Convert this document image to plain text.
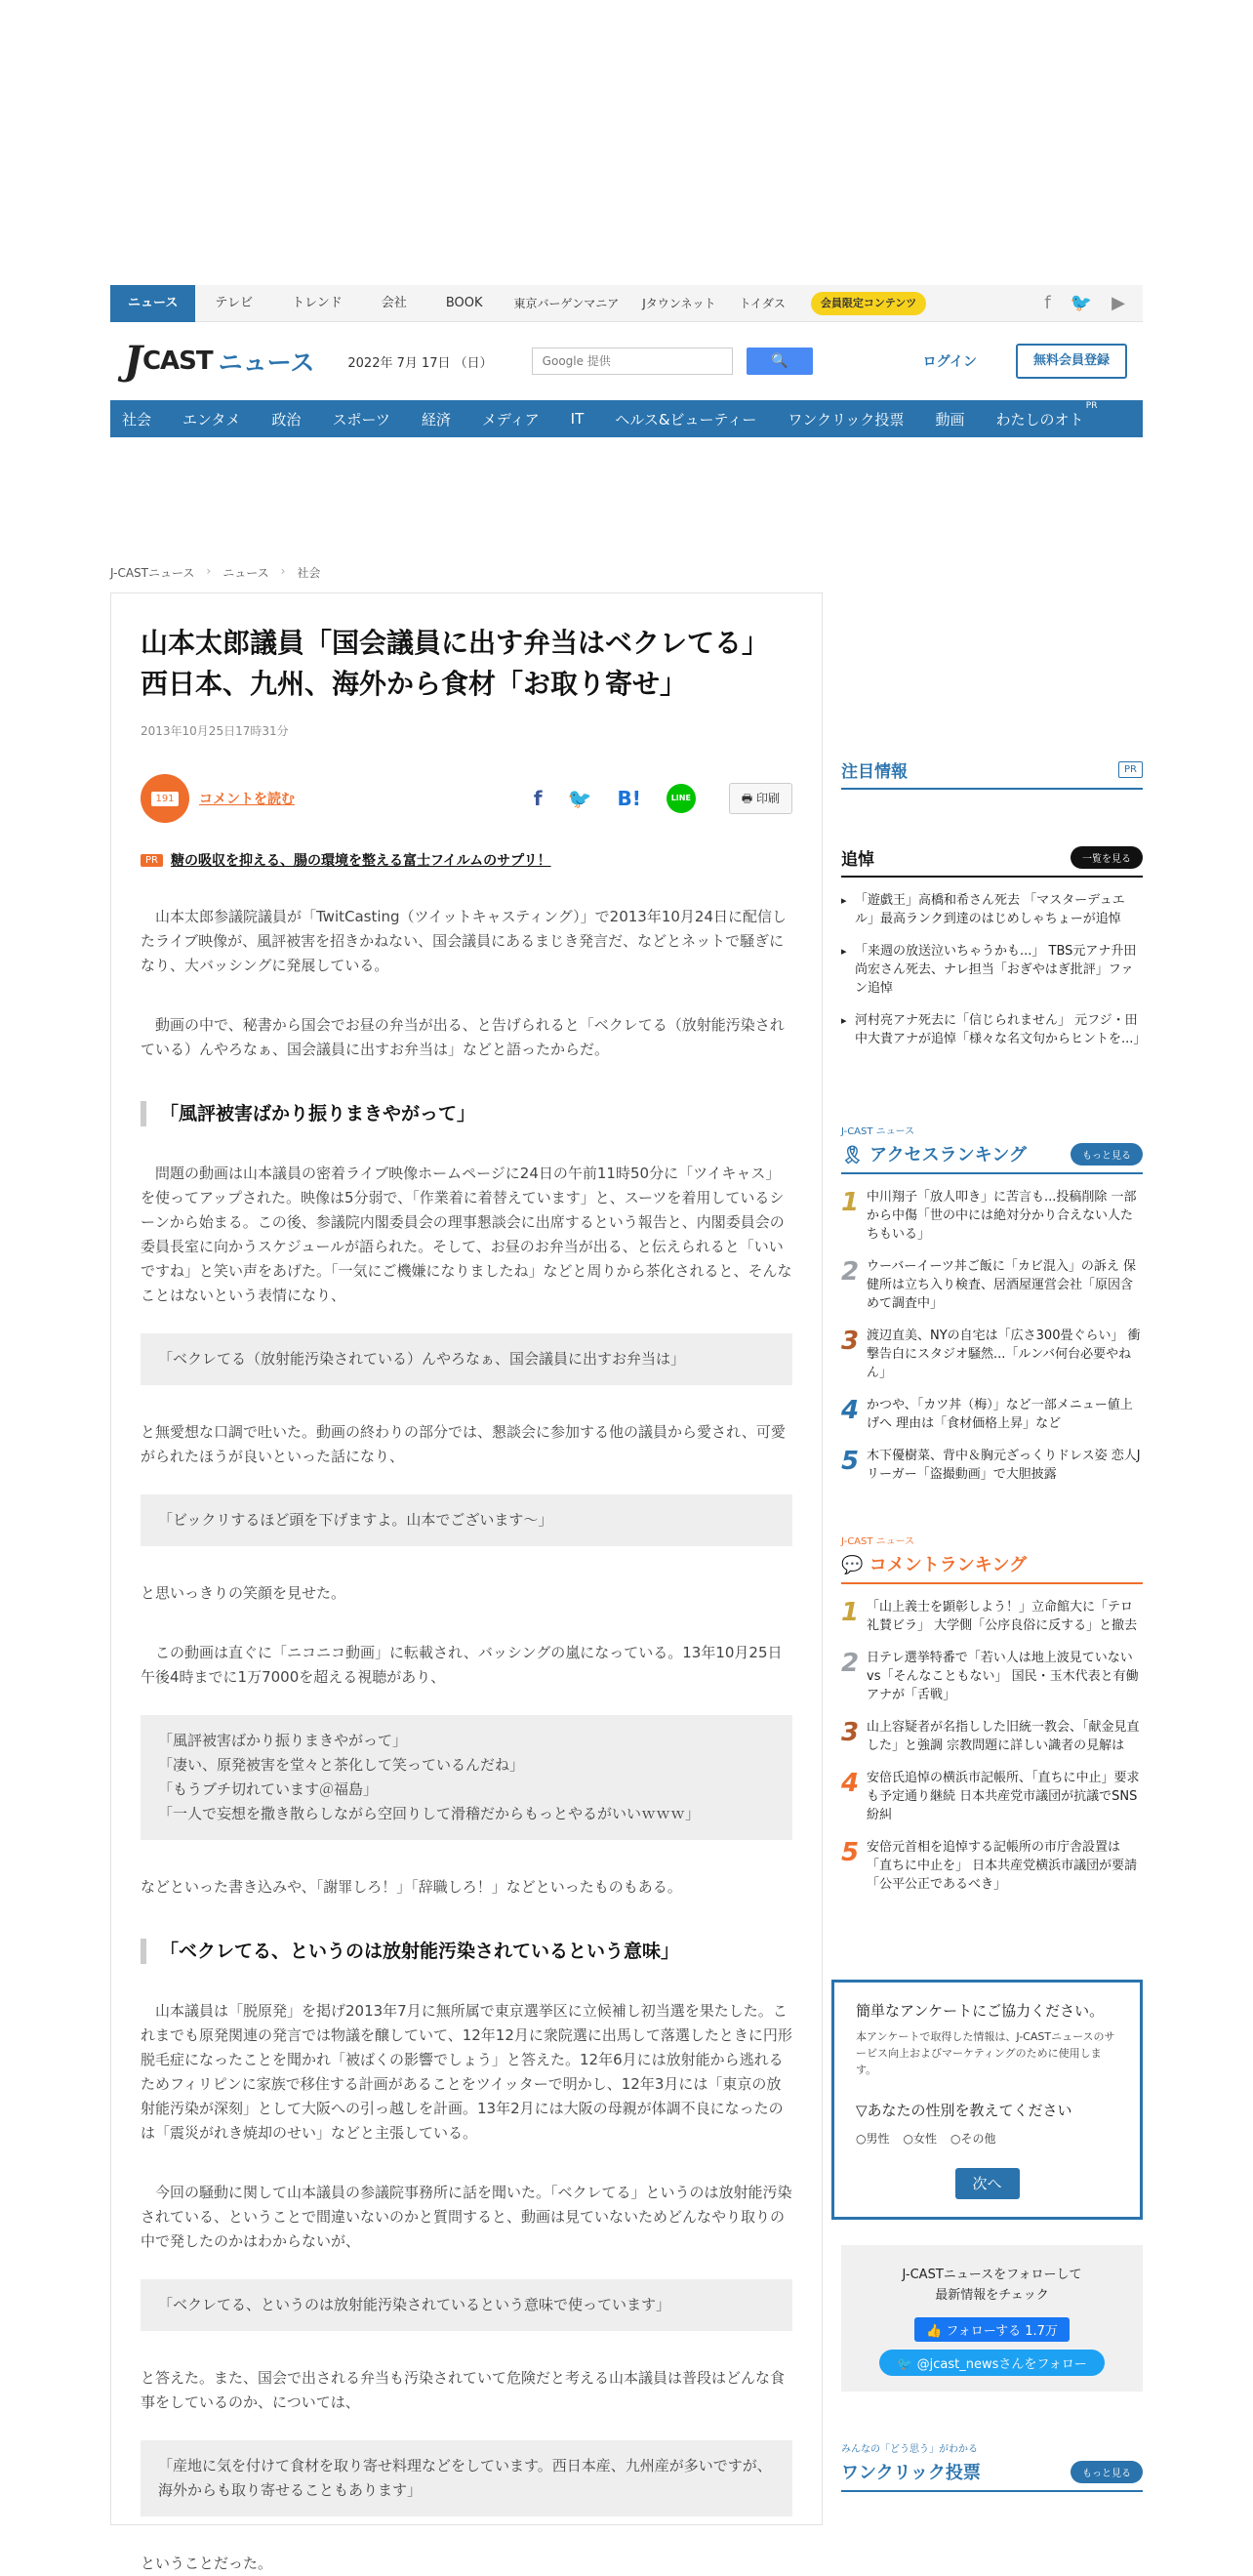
ニュース	テレビ	トレンド	会社	BOOK	東京バーゲンマニア	Jタウンネット	トイダス	会員限定コンテンツ	f 🐦 ▶
J CAST ニュース	2022年 7月 17日 （日）	Google 提供	🔍	ログイン	無料会員登録
社会 エンタメ 政治 スポーツ 経済 メディア IT ヘルス&ビューティー ワンクリック投票 動画 わたしのオト
PR
J-CASTニュース › ニュース › 社会
山本太郎議員「国会議員に出す弁当はベクレてる」
西日本、九州、海外から食材「お取り寄せ」
2013年10月25日17時31分
191 コメントを読む	f 🐦 B!	LINE	🖶 印刷
PR 糖の吸収を抑える、腸の環境を整える富士フイルムのサプリ！

山本太郎参議院議員が「TwitCasting（ツイットキャスティング）」で2013年10月24日に配信したライブ映像が、風評被害を招きかねない、国会議員にあるまじき発言だ、などとネットで騒ぎになり、大バッシングに発展している。

動画の中で、秘書から国会でお昼の弁当が出る、と告げられると「ベクレてる（放射能汚染されている）んやろなぁ、国会議員に出すお弁当は」などと語ったからだ。

「風評被害ばかり振りまきやがって」

問題の動画は山本議員の密着ライブ映像ホームページに24日の午前11時50分に「ツイキャス」を使ってアップされた。映像は5分弱で、「作業着に着替えています」と、スーツを着用しているシーンから始まる。この後、参議院内閣委員会の理事懇談会に出席するという報告と、内閣委員会の委員長室に向かうスケジュールが語られた。そして、お昼のお弁当が出る、と伝えられると「いいですね」と笑い声をあげた。「一気にご機嫌になりましたね」などと周りから茶化されると、そんなことはないという表情になり、

「ベクレてる（放射能汚染されている）んやろなぁ、国会議員に出すお弁当は」

と無愛想な口調で吐いた。動画の終わりの部分では、懇談会に参加する他の議員から愛され、可愛がられたほうが良いといった話になり、

「ビックリするほど頭を下げますよ。山本でございます～」

と思いっきりの笑顔を見せた。

この動画は直ぐに「ニコニコ動画」に転載され、バッシングの嵐になっている。13年10月25日午後4時までに1万7000を超える視聴があり、

「風評被害ばかり振りまきやがって」
「凄い、原発被害を堂々と茶化して笑っているんだね」
「もうブチ切れています＠福島」
「一人で妄想を撒き散らしながら空回りして滑稽だからもっとやるがいいｗｗｗ」

などといった書き込みや、「謝罪しろ！」「辞職しろ！」などといったものもある。

「ベクレてる、というのは放射能汚染されているという意味」

山本議員は「脱原発」を掲げ2013年7月に無所属で東京選挙区に立候補し初当選を果たした。これまでも原発関連の発言では物議を醸していて、12年12月に衆院選に出馬して落選したときに円形脱毛症になったことを聞かれ「被ばくの影響でしょう」と答えた。12年6月には放射能から逃れるためフィリピンに家族で移住する計画があることをツイッターで明かし、12年3月には「東京の放射能汚染が深刻」として大阪への引っ越しを計画。13年2月には大阪の母親が体調不良になったのは「震災がれき焼却のせい」などと主張している。

今回の騒動に関して山本議員の参議院事務所に話を聞いた。「ベクレてる」というのは放射能汚染されている、ということで間違いないのかと質問すると、動画は見ていないためどんなやり取りの中で発したのかはわからないが、

「ベクレてる、というのは放射能汚染されているという意味で使っています」

と答えた。また、国会で出される弁当も汚染されていて危険だと考える山本議員は普段はどんな食事をしているのか、については、

「産地に気を付けて食材を取り寄せ料理などをしています。西日本産、九州産が多いですが、海外からも取り寄せることもあります」

ということだった。

注目情報	PR
追悼	一覧を見る
▸ 「遊戯王」高橋和希さん死去 「マスターデュエル」最高ランク到達のはじめしゃちょーが追悼
▸ 「来週の放送泣いちゃうかも...」 TBS元アナ升田尚宏さん死去、ナレ担当「おぎやはぎ批評」ファン追悼
▸ 河村亮アナ死去に「信じられません」 元フジ・田中大貴アナが追悼「様々な名文句からヒントを...」
J-CAST ニュース
🎗 アクセスランキング	もっと見る
1 中川翔子「放人叩き」に苦言も...投稿削除 一部から中傷「世の中には絶対分かり合えない人たちもいる」
2 ウーバーイーツ丼ご飯に「カビ混入」の訴え 保健所は立ち入り検査、居酒屋運営会社「原因含めて調査中」
3 渡辺直美、NYの自宅は「広さ300畳ぐらい」 衝撃告白にスタジオ騒然...「ルンバ何台必要やねん」
4 かつや、「カツ丼（梅）」など一部メニュー値上げへ 理由は「食材価格上昇」など
5 木下優樹菜、背中＆胸元ざっくりドレス姿 恋人Jリーガー「盗撮動画」で大胆披露
J-CAST ニュース
💬 コメントランキング
1 「山上義士を顕彰しよう！」立命館大に「テロ礼賛ビラ」 大学側「公序良俗に反する」と撤去
2 日テレ選挙特番で「若い人は地上波見ていない vs「そんなこともない」 国民・玉木代表と有働アナが「舌戦」
3 山上容疑者が名指しした旧統一教会、「献金見直した」と強調 宗教問題に詳しい識者の見解は
4 安倍氏追悼の横浜市記帳所、「直ちに中止」要求も予定通り継続 日本共産党市議団が抗議でSNS紛糾
5 安倍元首相を追悼する記帳所の市庁舎設置は「直ちに中止を」 日本共産党横浜市議団が要請「公平公正であるべき」
簡単なアンケートにご協力ください。
本アンケートで取得した情報は、J-CASTニュースのサービス向上およびマーケティングのために使用します。
▽あなたの性別を教えてください
○男性 ○女性 ○その他
次へ
J-CASTニュースをフォローして
最新情報をチェック
👍 フォローする 1.7万
🐦 @jcast_newsさんをフォロー
みんなの「どう思う」がわかる
ワンクリック投票	もっと見る
